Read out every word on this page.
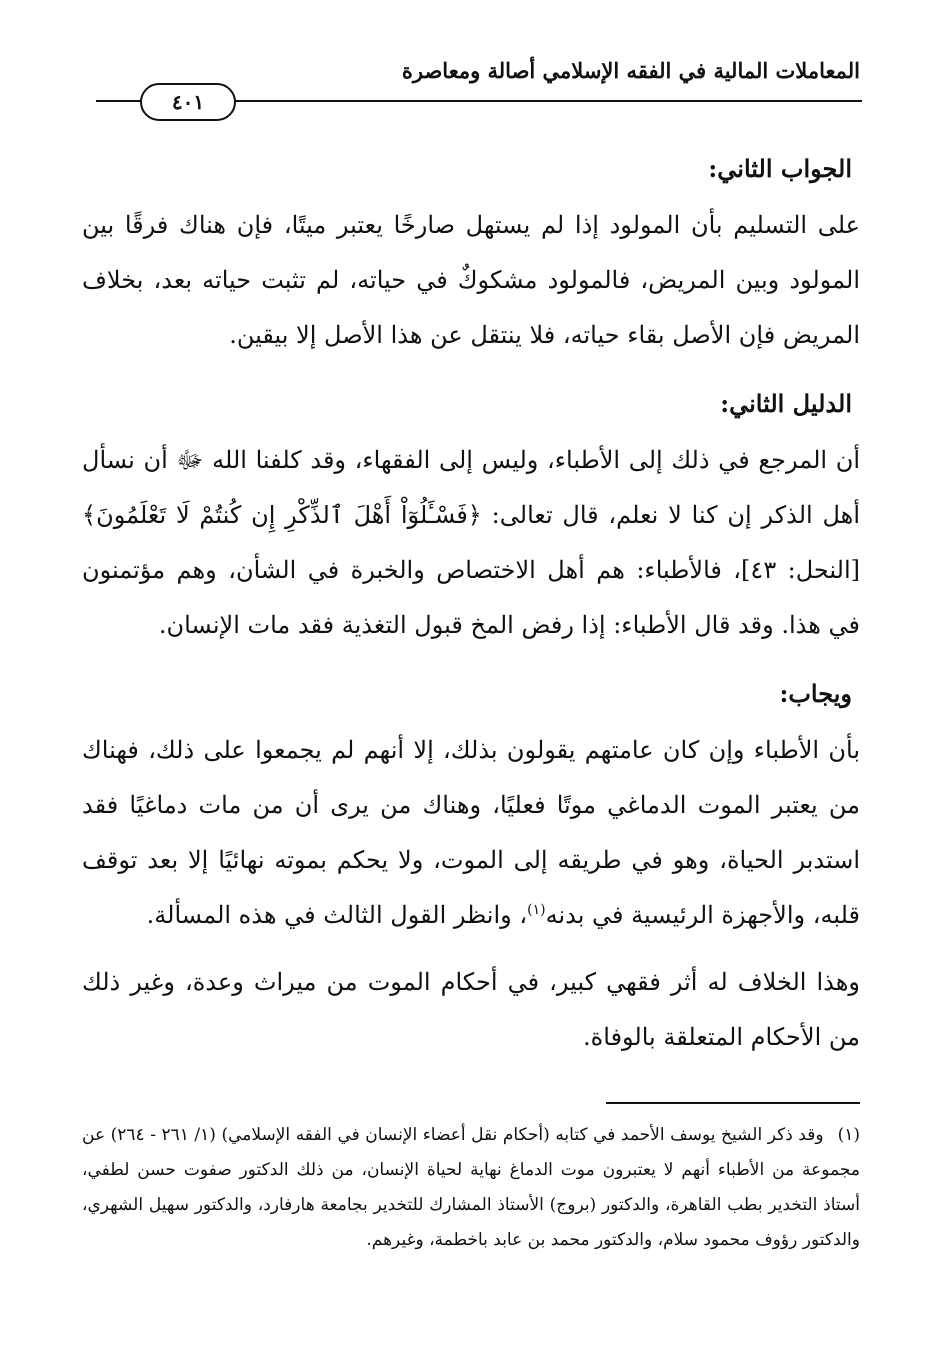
المعاملات المالية في الفقه الإسلامي أصالة ومعاصرة
٤٠١
الجواب الثاني:

على التسليم بأن المولود إذا لم يستهل صارخًا يعتبر ميتًا، فإن هناك فرقًا بين المولود وبين المريض، فالمولود مشكوكٌ في حياته، لم تثبت حياته بعد، بخلاف المريض فإن الأصل بقاء حياته، فلا ينتقل عن هذا الأصل إلا بيقين.

الدليل الثاني:

أن المرجع في ذلك إلى الأطباء، وليس إلى الفقهاء، وقد كلفنا الله ﷻ أن نسأل أهل الذكر إن كنا لا نعلم، قال تعالى: ﴿فَسْـَٔلُوٓاْ أَهْلَ ٱلذِّكْرِ إِن كُنتُمْ لَا تَعْلَمُونَ﴾ [النحل: ٤٣]، فالأطباء: هم أهل الاختصاص والخبرة في الشأن، وهم مؤتمنون في هذا. وقد قال الأطباء: إذا رفض المخ قبول التغذية فقد مات الإنسان.

ويجاب:

بأن الأطباء وإن كان عامتهم يقولون بذلك، إلا أنهم لم يجمعوا على ذلك، فهناك من يعتبر الموت الدماغي موتًا فعليًا، وهناك من يرى أن من مات دماغيًا فقد استدبر الحياة، وهو في طريقه إلى الموت، ولا يحكم بموته نهائيًا إلا بعد توقف قلبه، والأجهزة الرئيسية في بدنه$^{(١)}$، وانظر القول الثالث في هذه المسألة.

وهذا الخلاف له أثر فقهي كبير، في أحكام الموت من ميراث وعدة، وغير ذلك من الأحكام المتعلقة بالوفاة.

(١)وقد ذكر الشيخ يوسف الأحمد في كتابه (أحكام نقل أعضاء الإنسان في الفقه الإسلامي) (١/ ٢٦١ - ٢٦٤) عن مجموعة من الأطباء أنهم لا يعتبرون موت الدماغ نهاية لحياة الإنسان، من ذلك الدكتور صفوت حسن لطفي، أستاذ التخدير بطب القاهرة، والدكتور (بروج) الأستاذ المشارك للتخدير بجامعة هارفارد، والدكتور سهيل الشهري، والدكتور رؤوف محمود سلام، والدكتور محمد بن عابد باخطمة، وغيرهم.
